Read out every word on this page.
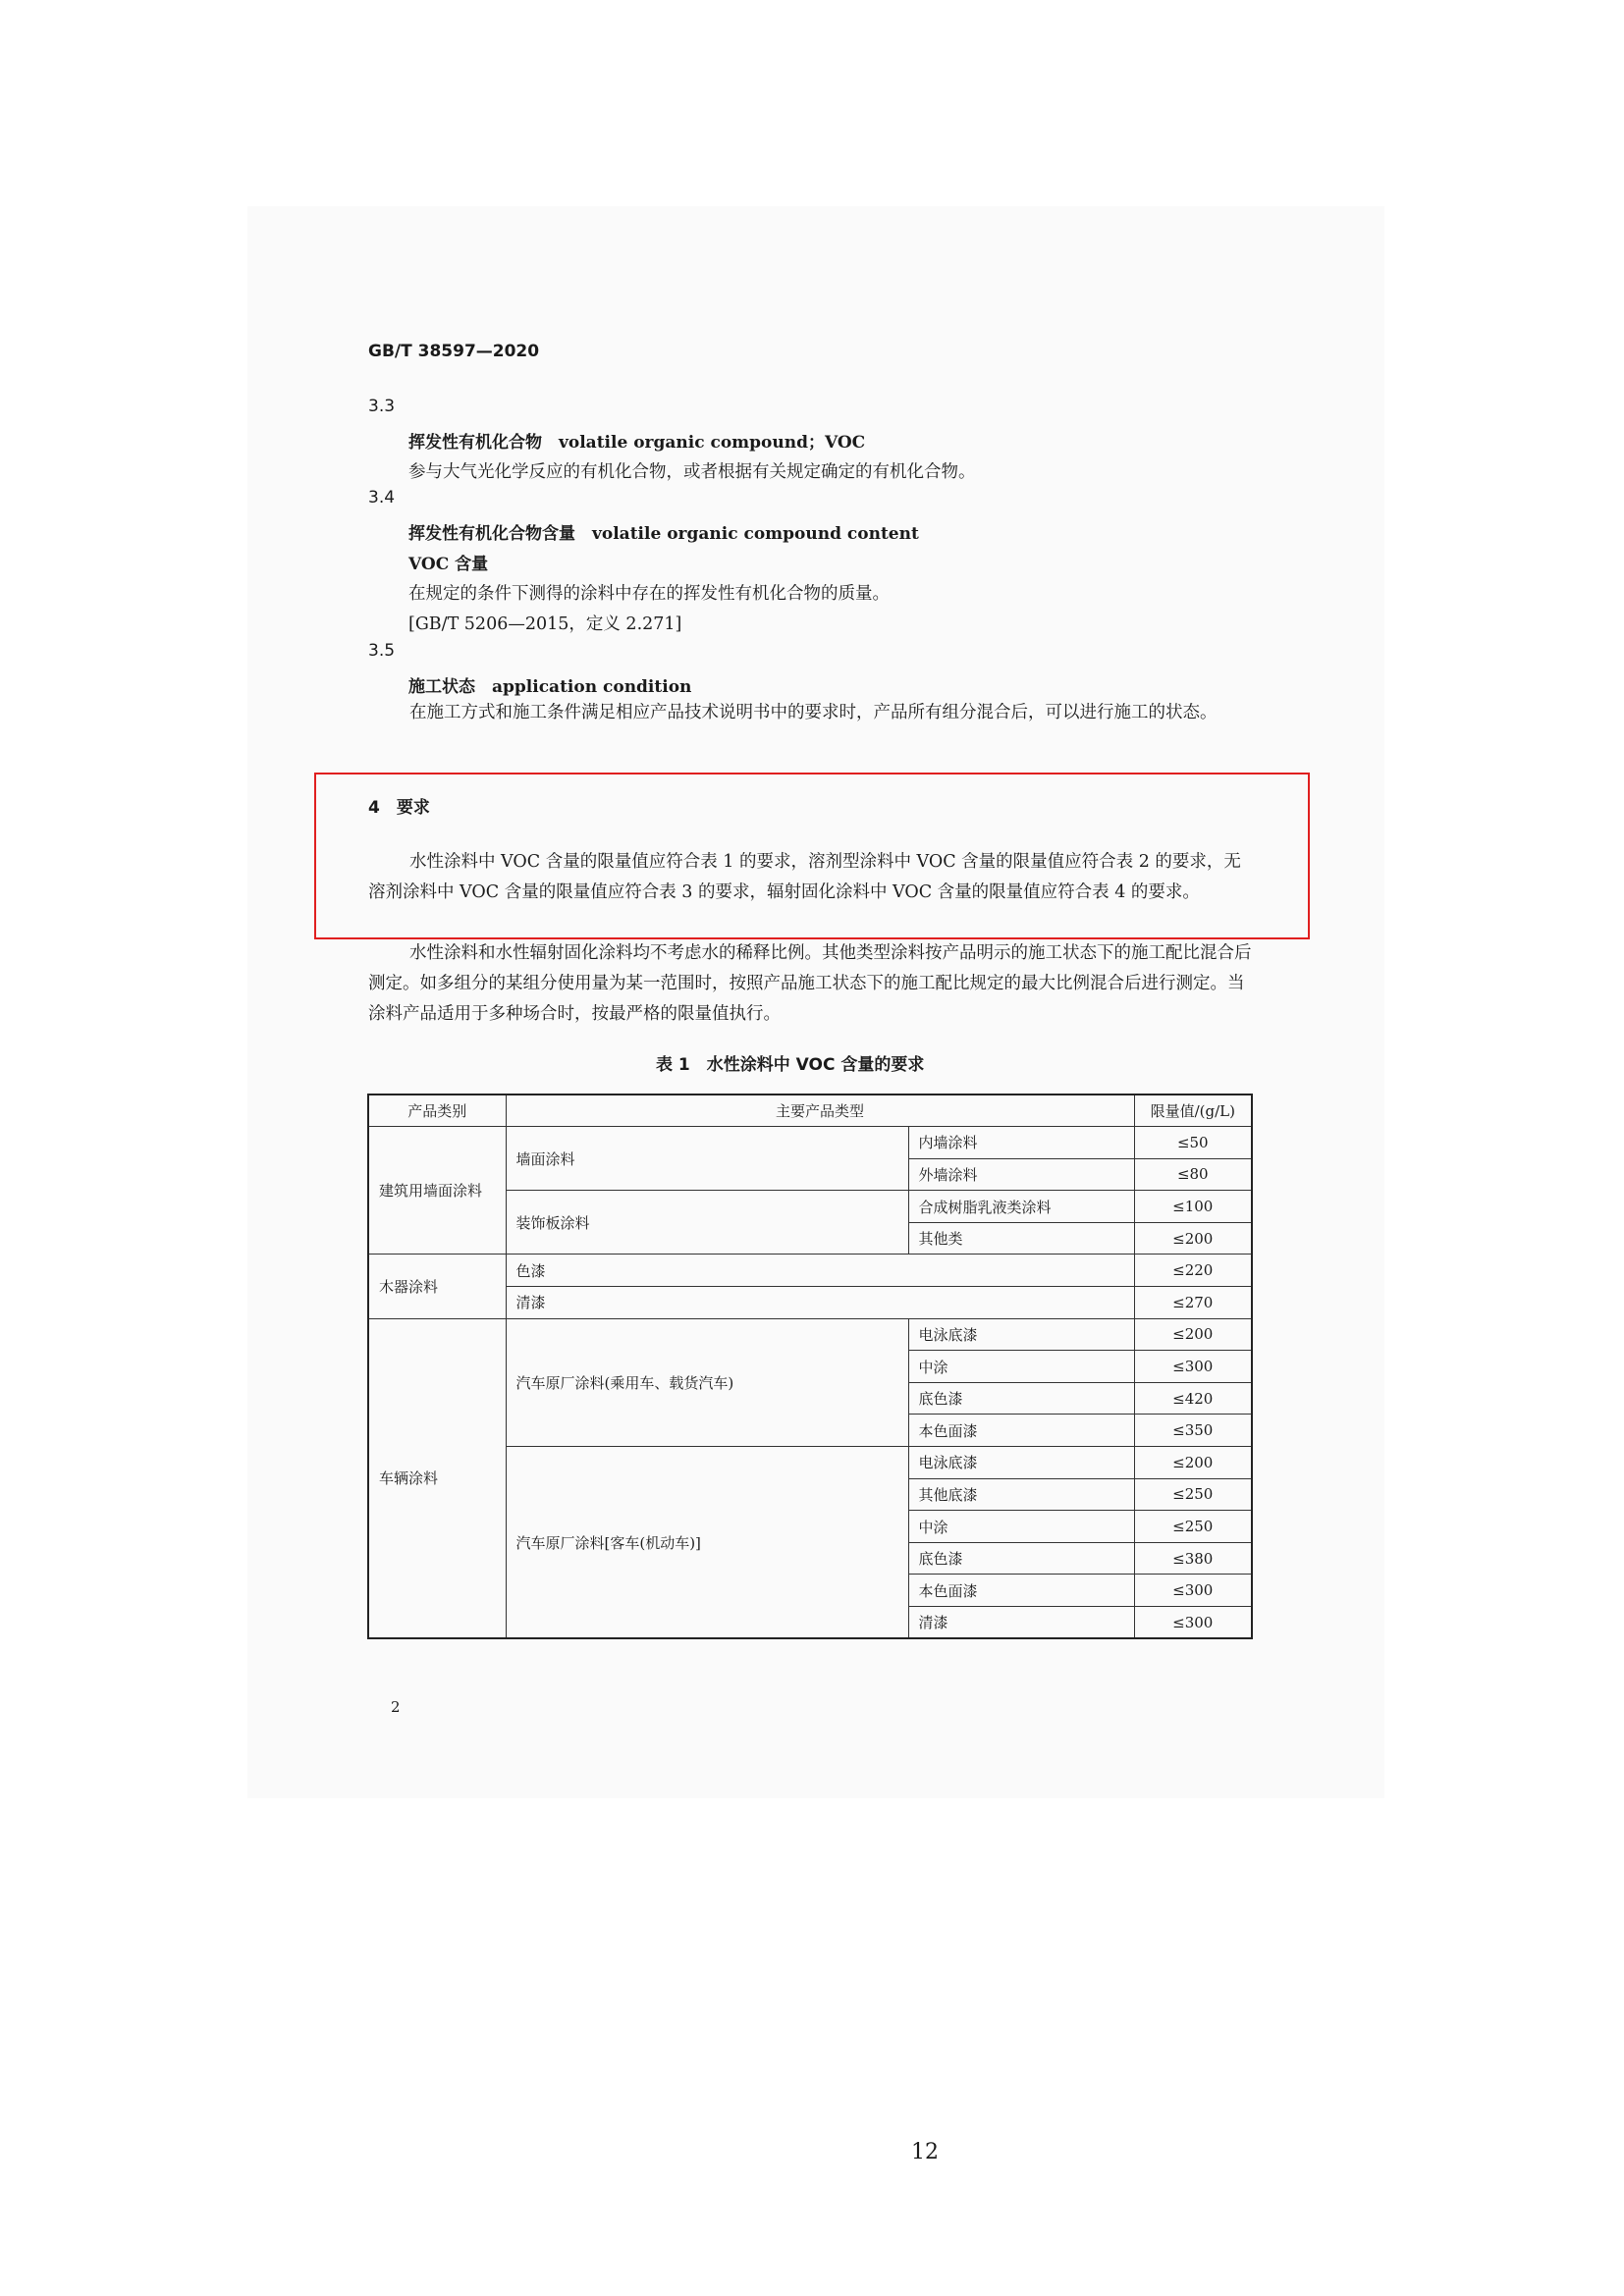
GB/T 38597—2020
3.3
挥发性有机化合物　volatile organic compound；VOC
参与大气光化学反应的有机化合物，或者根据有关规定确定的有机化合物。
3.4
挥发性有机化合物含量　volatile organic compound content
VOC 含量
在规定的条件下测得的涂料中存在的挥发性有机化合物的质量。
[GB/T 5206—2015，定义 2.271]
3.5
施工状态　application condition
在施工方式和施工条件满足相应产品技术说明书中的要求时，产品所有组分混合后，可以进行施工的状态。
4　要求
水性涂料中 VOC 含量的限量值应符合表 1 的要求，溶剂型涂料中 VOC 含量的限量值应符合表 2 的要求，无溶剂涂料中 VOC 含量的限量值应符合表 3 的要求，辐射固化涂料中 VOC 含量的限量值应符合表 4 的要求。
水性涂料和水性辐射固化涂料均不考虑水的稀释比例。其他类型涂料按产品明示的施工状态下的施工配比混合后测定。如多组分的某组分使用量为某一范围时，按照产品施工状态下的施工配比规定的最大比例混合后进行测定。当涂料产品适用于多种场合时，按最严格的限量值执行。
表 1　水性涂料中 VOC 含量的要求
产品类别	主要产品类型		限量值/(g/L)
建筑用墙面涂料	墙面涂料	内墙涂料	≤50
		外墙涂料	≤80
	装饰板涂料	合成树脂乳液类涂料	≤100
		其他类	≤200
木器涂料	色漆		≤220
	清漆		≤270
车辆涂料	汽车原厂涂料(乘用车、载货汽车)	电泳底漆	≤200
		中涂	≤300
		底色漆	≤420
		本色面漆	≤350
	汽车原厂涂料[客车(机动车)]	电泳底漆	≤200
		其他底漆	≤250
		中涂	≤250
		底色漆	≤380
		本色面漆	≤300
		清漆	≤300
2
12
